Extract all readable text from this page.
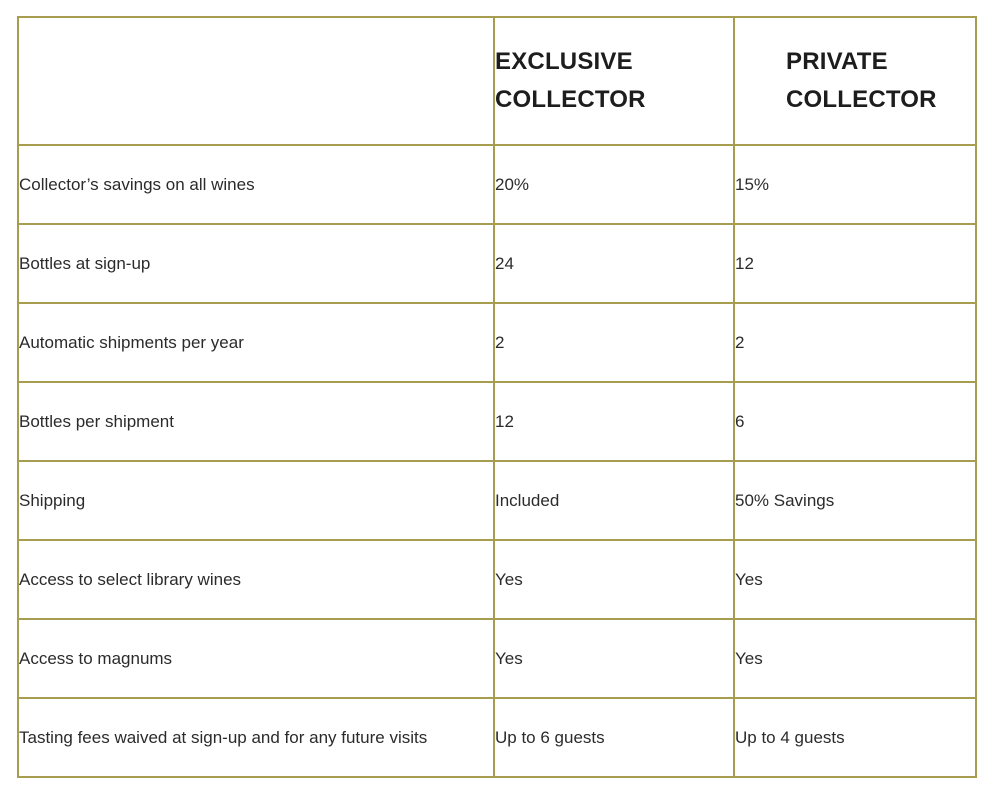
	EXCLUSIVE COLLECTOR	PRIVATE COLLECTOR
Collector’s savings on all wines	20%	15%
Bottles at sign-up	24	12
Automatic shipments per year	2	2
Bottles per shipment	12	6
Shipping	Included	50% Savings
Access to select library wines	Yes	Yes
Access to magnums	Yes	Yes
Tasting fees waived at sign-up and for any future visits	Up to 6 guests	Up to 4 guests
